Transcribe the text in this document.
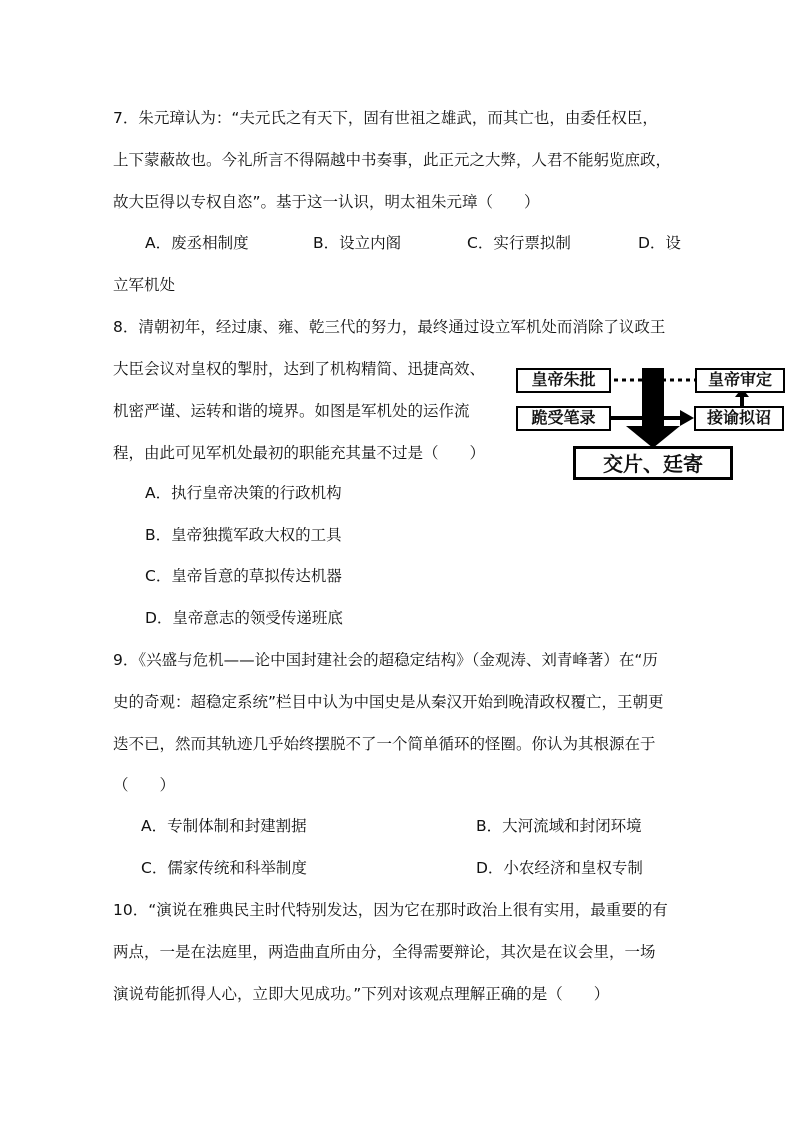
7．朱元璋认为：“夫元氏之有天下，固有世祖之雄武，而其亡也，由委任权臣，
上下蒙蔽故也。今礼所言不得隔越中书奏事，此正元之大弊，人君不能躬览庶政，
故大臣得以专权自恣”。基于这一认识，明太祖朱元璋（　　）
A．废丞相制度	B．设立内阁	C．实行票拟制	D．设
立军机处
8．清朝初年，经过康、雍、乾三代的努力，最终通过设立军机处而消除了议政王
大臣会议对皇权的掣肘，达到了机构精简、迅捷高效、
机密严谨、运转和谐的境界。如图是军机处的运作流
程，由此可见军机处最初的职能充其量不过是（　　）
A．执行皇帝决策的行政机构
B．皇帝独揽军政大权的工具
C．皇帝旨意的草拟传达机器
D．皇帝意志的领受传递班底
皇帝朱批	皇帝审定
跪受笔录	接谕拟诏
交片、廷寄
9．《兴盛与危机——论中国封建社会的超稳定结构》（金观涛、刘青峰著）在“历
史的奇观：超稳定系统”栏目中认为中国史是从秦汉开始到晚清政权覆亡，王朝更
迭不已，然而其轨迹几乎始终摆脱不了一个简单循环的怪圈。你认为其根源在于
（　　）
A．专制体制和封建割据	B．大河流域和封闭环境
C．儒家传统和科举制度	D．小农经济和皇权专制
10．“演说在雅典民主时代特别发达，因为它在那时政治上很有实用，最重要的有
两点，一是在法庭里，两造曲直所由分，全得需要辩论，其次是在议会里，一场
演说苟能抓得人心，立即大见成功。”下列对该观点理解正确的是（　　）
